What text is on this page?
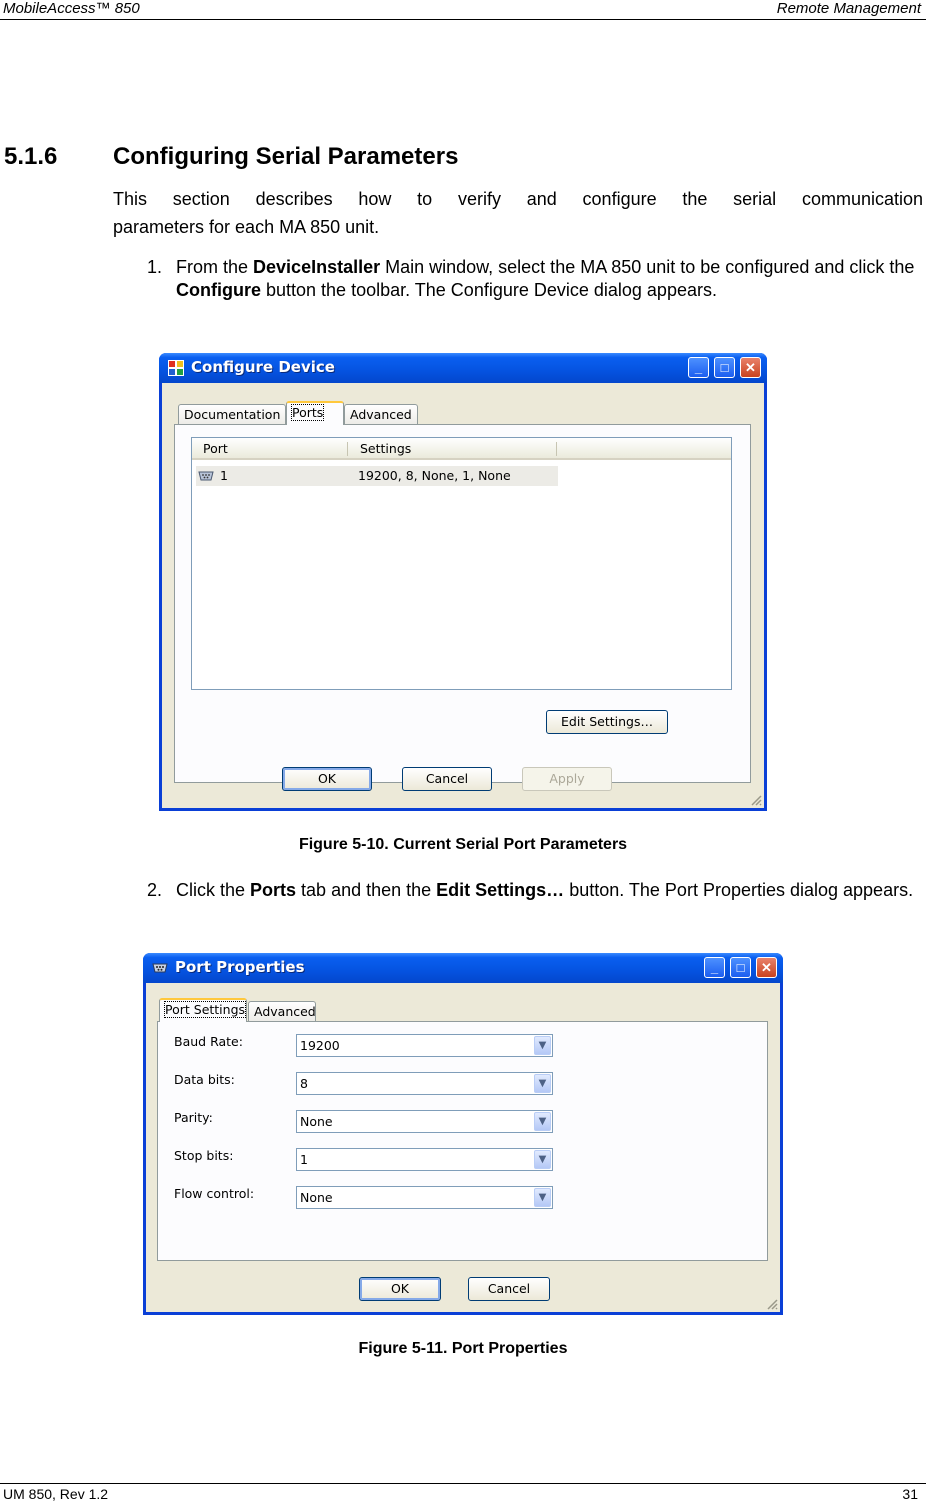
MobileAccess™ 850	Remote Management
5.1.6 Configuring Serial Parameters
This section describes how to verify and configure the serial communication
parameters for each MA 850 unit.
1. From the DeviceInstaller Main window, select the MA 850 unit to be configured and click the Configure button the toolbar. The Configure Device dialog appears.
Configure Device	_	□	✕
Documentation Ports	Advanced
Port	Settings
1	19200, 8, None, 1, None
Edit Settings…
OK	Cancel	Apply
Figure 5-10. Current Serial Port Parameters
2. Click the Ports tab and then the Edit Settings… button. The Port Properties dialog appears.
Port Properties	_	□	✕
Port Settings Advanced
Baud Rate:	19200	▼
Data bits:	8	▼
Parity:	None	▼
Stop bits:	1	▼
Flow control:	None	▼
OK	Cancel
Figure 5-11. Port Properties
UM 850, Rev 1.2	31
